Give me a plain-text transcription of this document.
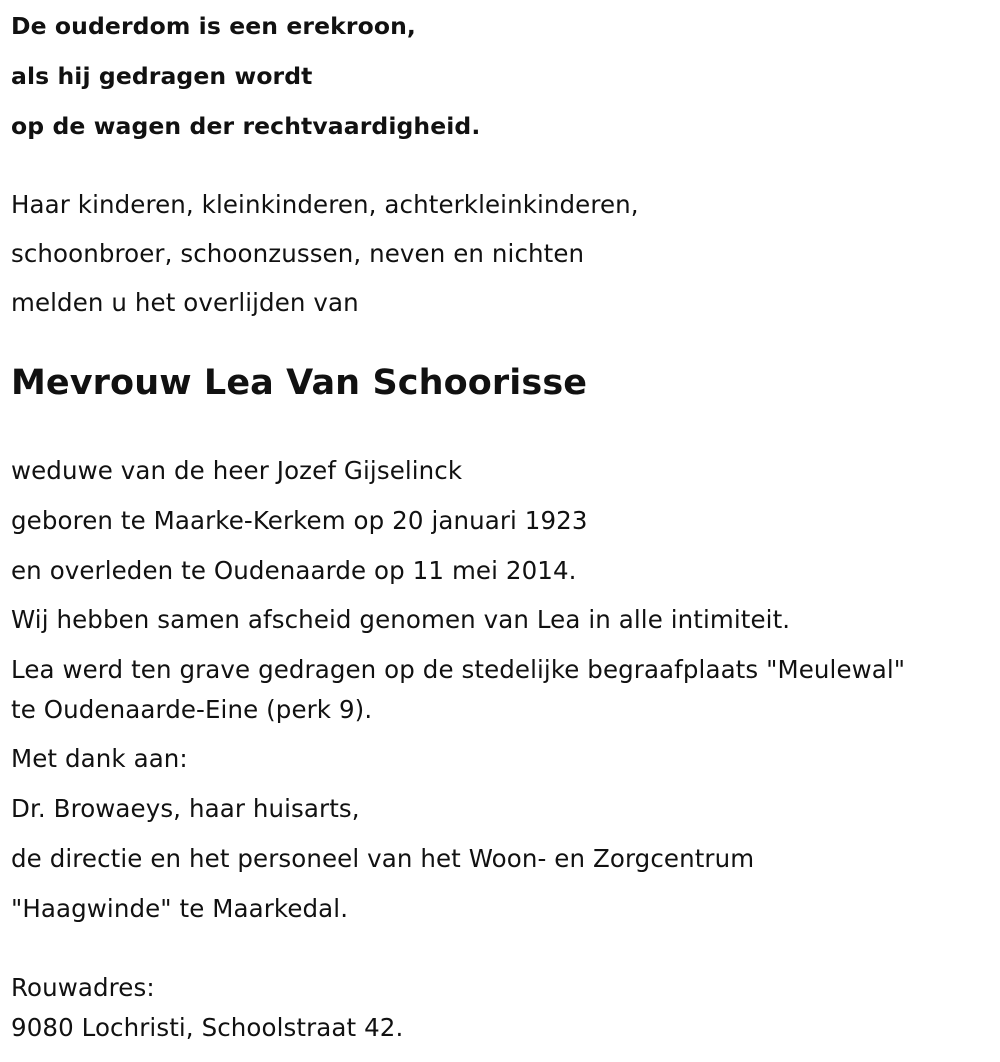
De ouderdom is een erekroon,
als hij gedragen wordt
op de wagen der rechtvaardigheid.
Haar kinderen, kleinkinderen, achterkleinkinderen,
schoonbroer, schoonzussen, neven en nichten
melden u het overlijden van
Mevrouw Lea Van Schoorisse
weduwe van de heer Jozef Gijselinck
geboren te Maarke-Kerkem op 20 januari 1923
en overleden te Oudenaarde op 11 mei 2014.
Wij hebben samen afscheid genomen van Lea in alle intimiteit.
Lea werd ten grave gedragen op de stedelijke begraafplaats "Meulewal"
te Oudenaarde-Eine (perk 9).
Met dank aan:
Dr. Browaeys, haar huisarts,
de directie en het personeel van het Woon- en Zorgcentrum
"Haagwinde" te Maarkedal.
Rouwadres:
9080 Lochristi, Schoolstraat 42.
